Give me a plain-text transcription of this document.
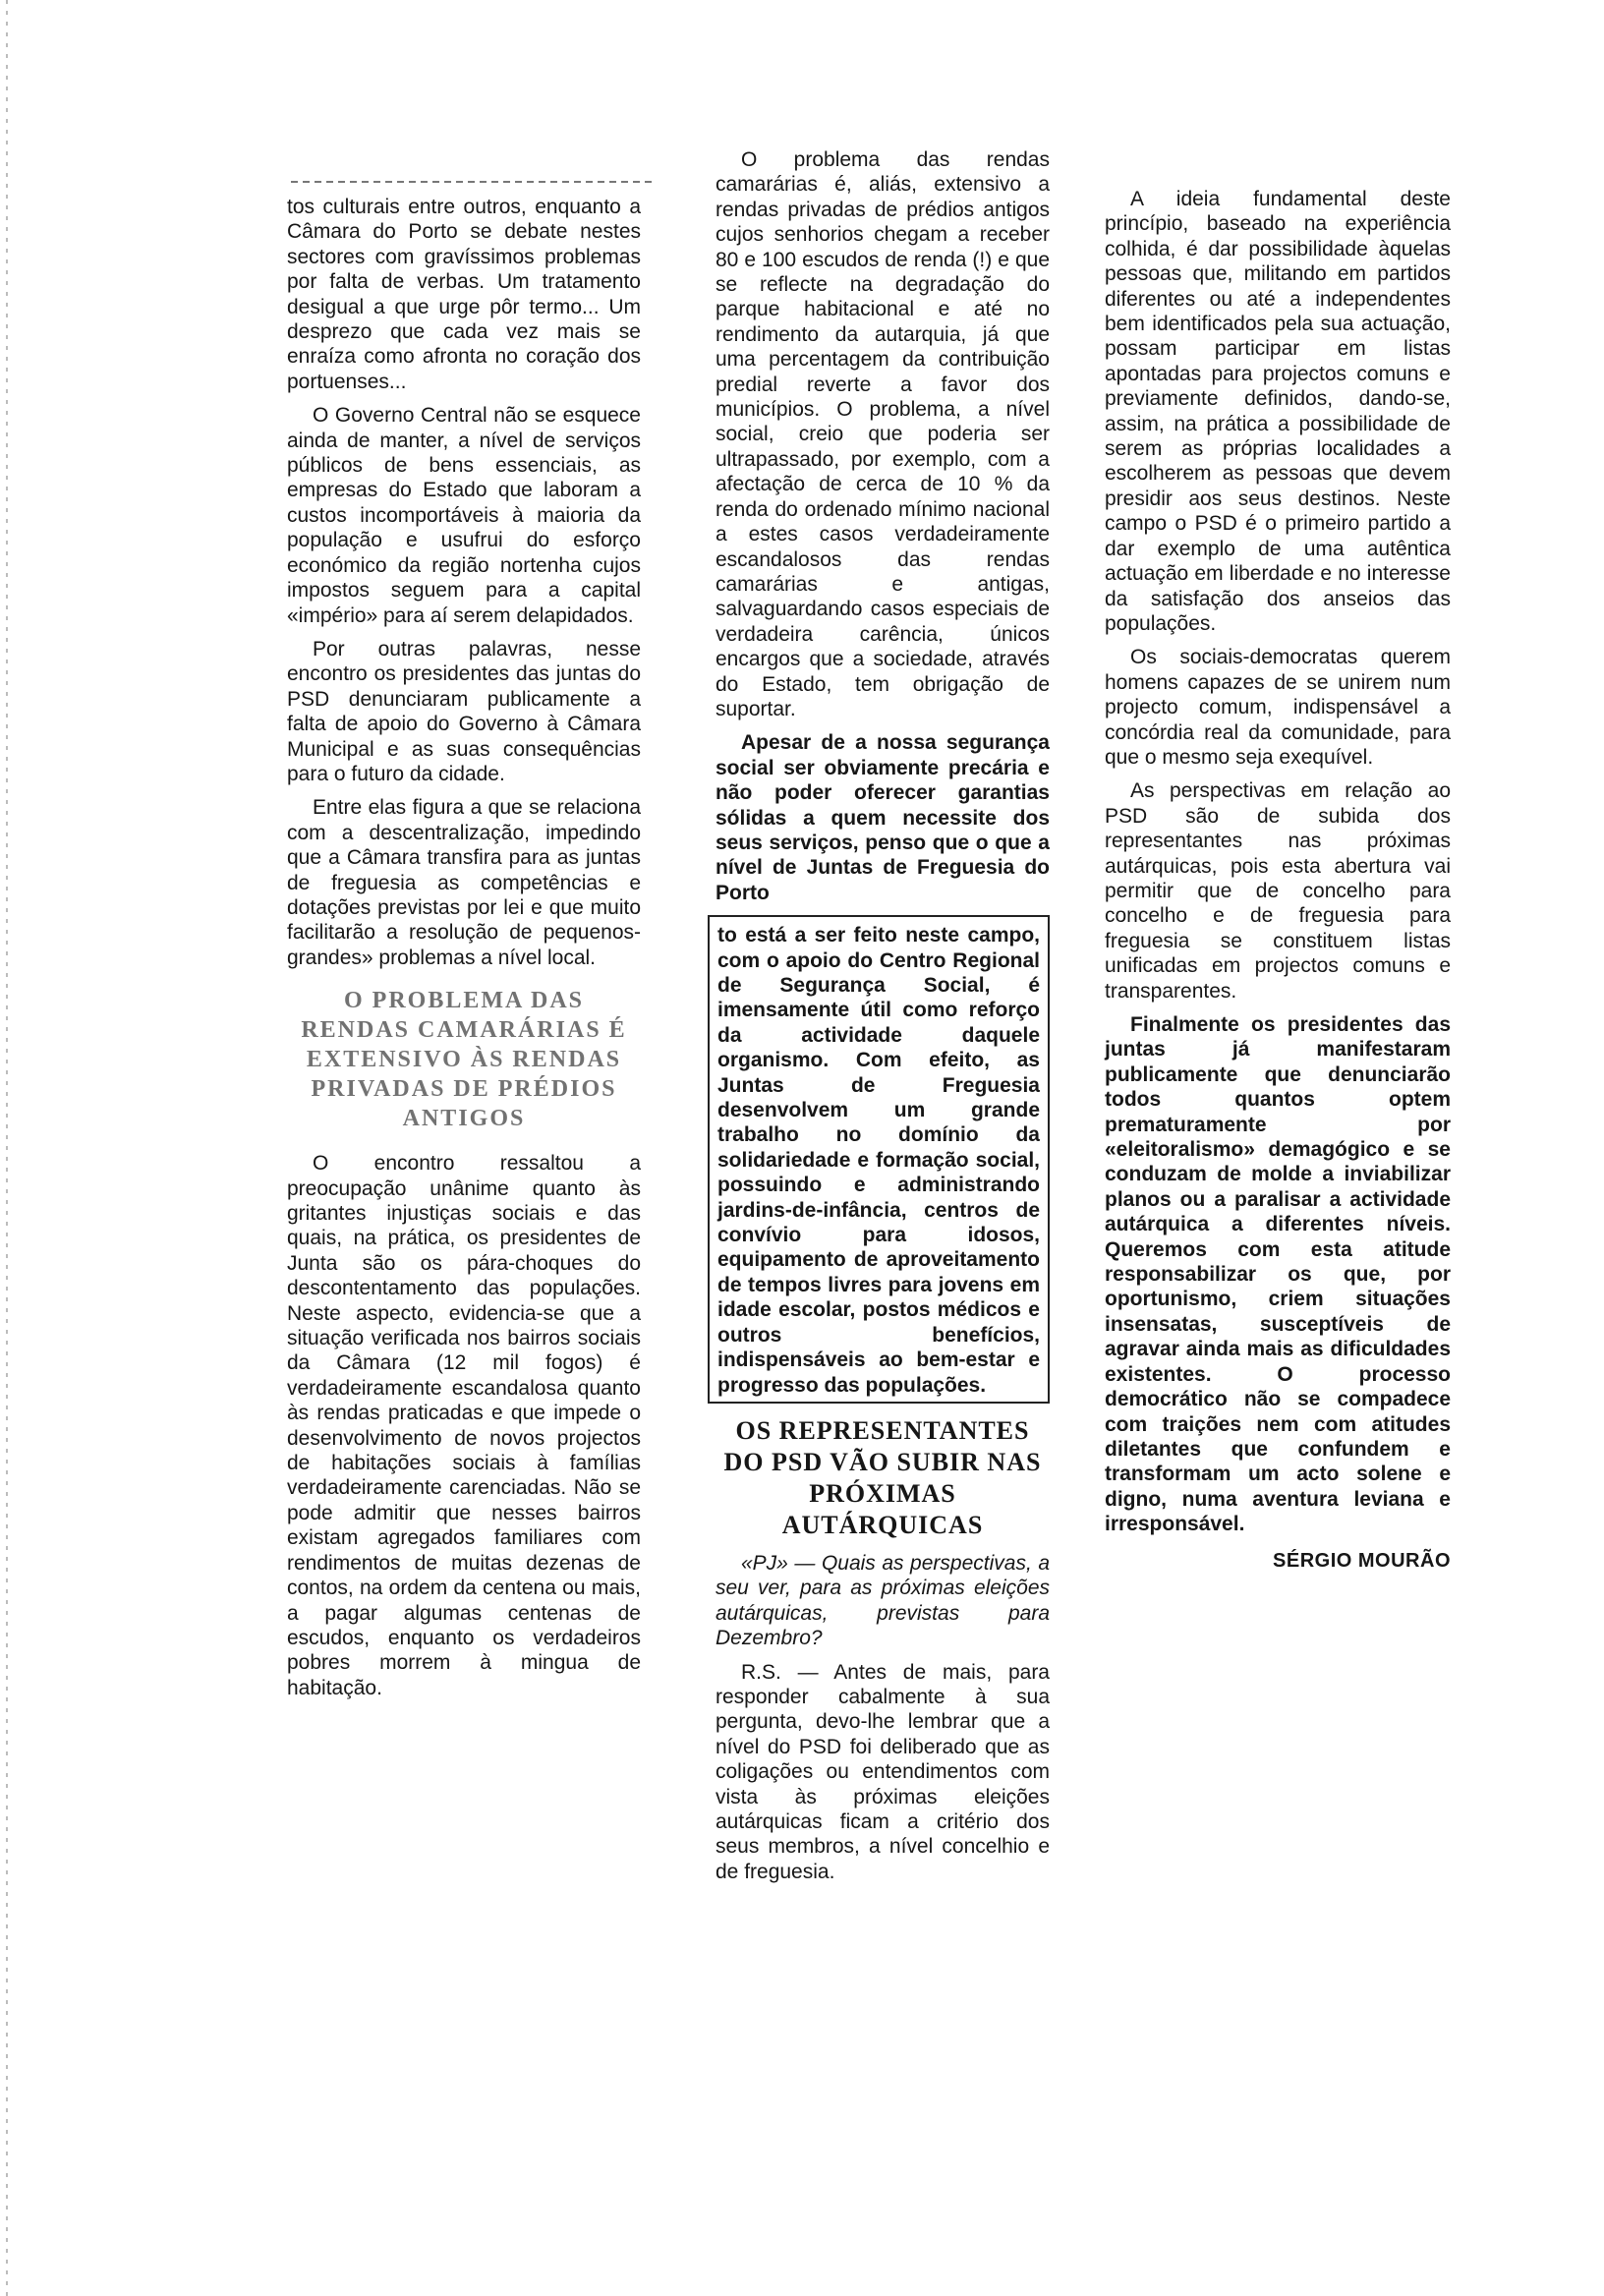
tos culturais entre outros, enquanto a Câmara do Porto se debate nestes sectores com gravíssimos problemas por falta de verbas. Um tratamento desigual a que urge pôr termo... Um desprezo que cada vez mais se enraíza como afronta no coração dos portuenses...

O Governo Central não se esquece ainda de manter, a nível de serviços públicos de bens essenciais, as empresas do Estado que laboram a custos incomportáveis à maioria da população e usufrui do esforço económico da região nortenha cujos impostos seguem para a capital «império» para aí serem delapidados.

Por outras palavras, nesse encontro os presidentes das juntas do PSD denunciaram publicamente a falta de apoio do Governo à Câmara Municipal e as suas consequências para o futuro da cidade.

Entre elas figura a que se relaciona com a descentralização, impedindo que a Câmara transfira para as juntas de freguesia as competências e dotações previstas por lei e que muito facilitarão a resolução de pequenos-grandes» problemas a nível local.

O PROBLEMA DAS RENDAS CAMARÁRIAS É EXTENSIVO ÀS RENDAS PRIVADAS DE PRÉDIOS ANTIGOS

O encontro ressaltou a preocupação unânime quanto às gritantes injustiças sociais e das quais, na prática, os presidentes de Junta são os pára-choques do descontentamento das populações. Neste aspecto, evidencia-se que a situação verificada nos bairros sociais da Câmara (12 mil fogos) é verdadeiramente escandalosa quanto às rendas praticadas e que impede o desenvolvimento de novos projectos de habitações sociais à famílias verdadeiramente carenciadas. Não se pode admitir que nesses bairros existam agregados familiares com rendimentos de muitas dezenas de contos, na ordem da centena ou mais, a pagar algumas centenas de escudos, enquanto os verdadeiros pobres morrem à mingua de habitação.

O problema das rendas camarárias é, aliás, extensivo a rendas privadas de prédios antigos cujos senhorios chegam a receber 80 e 100 escudos de renda (!) e que se reflecte na degradação do parque habitacional e até no rendimento da autarquia, já que uma percentagem da contribuição predial reverte a favor dos municípios. O problema, a nível social, creio que poderia ser ultrapassado, por exemplo, com a afectação de cerca de 10 % da renda do ordenado mínimo nacional a estes casos verdadeiramente escandalosos das rendas camarárias e antigas, salvaguardando casos especiais de verdadeira carência, únicos encargos que a sociedade, através do Estado, tem obrigação de suportar.

Apesar de a nossa segurança social ser obviamente precária e não poder oferecer garantias sólidas a quem necessite dos seus serviços, penso que o que a nível de Juntas de Freguesia do Porto

to está a ser feito neste campo, com o apoio do Centro Regional de Segurança Social, é imensamente útil como reforço da actividade daquele organismo. Com efeito, as Juntas de Freguesia desenvolvem um grande trabalho no domínio da solidariedade e formação social, possuindo e administrando jardins-de-infância, centros de convívio para idosos, equipamento de aproveitamento de tempos livres para jovens em idade escolar, postos médicos e outros benefícios, indispensáveis ao bem-estar e progresso das populações.

OS REPRESENTANTES DO PSD VÃO SUBIR NAS PRÓXIMAS AUTÁRQUICAS

«PJ» — Quais as perspectivas, a seu ver, para as próximas eleições autárquicas, previstas para Dezembro?

R.S. — Antes de mais, para responder cabalmente à sua pergunta, devo-lhe lembrar que a nível do PSD foi deliberado que as coligações ou entendimentos com vista às próximas eleições autárquicas ficam a critério dos seus membros, a nível concelhio e de freguesia.

A ideia fundamental deste princípio, baseado na experiência colhida, é dar possibilidade àquelas pessoas que, militando em partidos diferentes ou até a independentes bem identificados pela sua actuação, possam participar em listas apontadas para projectos comuns e previamente definidos, dando-se, assim, na prática a possibilidade de serem as próprias localidades a escolherem as pessoas que devem presidir aos seus destinos. Neste campo o PSD é o primeiro partido a dar exemplo de uma autêntica actuação em liberdade e no interesse da satisfação dos anseios das populações.

Os sociais-democratas querem homens capazes de se unirem num projecto comum, indispensável a concórdia real da comunidade, para que o mesmo seja exequível.

As perspectivas em relação ao PSD são de subida dos representantes nas próximas autárquicas, pois esta abertura vai permitir que de concelho para concelho e de freguesia para freguesia se constituem listas unificadas em projectos comuns e transparentes.

Finalmente os presidentes das juntas já manifestaram publicamente que denunciarão todos quantos optem prematuramente por «eleitoralismo» demagógico e se conduzam de molde a inviabilizar planos ou a paralisar a actividade autárquica a diferentes níveis. Queremos com esta atitude responsabilizar os que, por oportunismo, criem situações insensatas, susceptíveis de agravar ainda mais as dificuldades existentes. O processo democrático não se compadece com traições nem com atitudes diletantes que confundem e transformam um acto solene e digno, numa aventura leviana e irresponsável.

SÉRGIO MOURÃO
